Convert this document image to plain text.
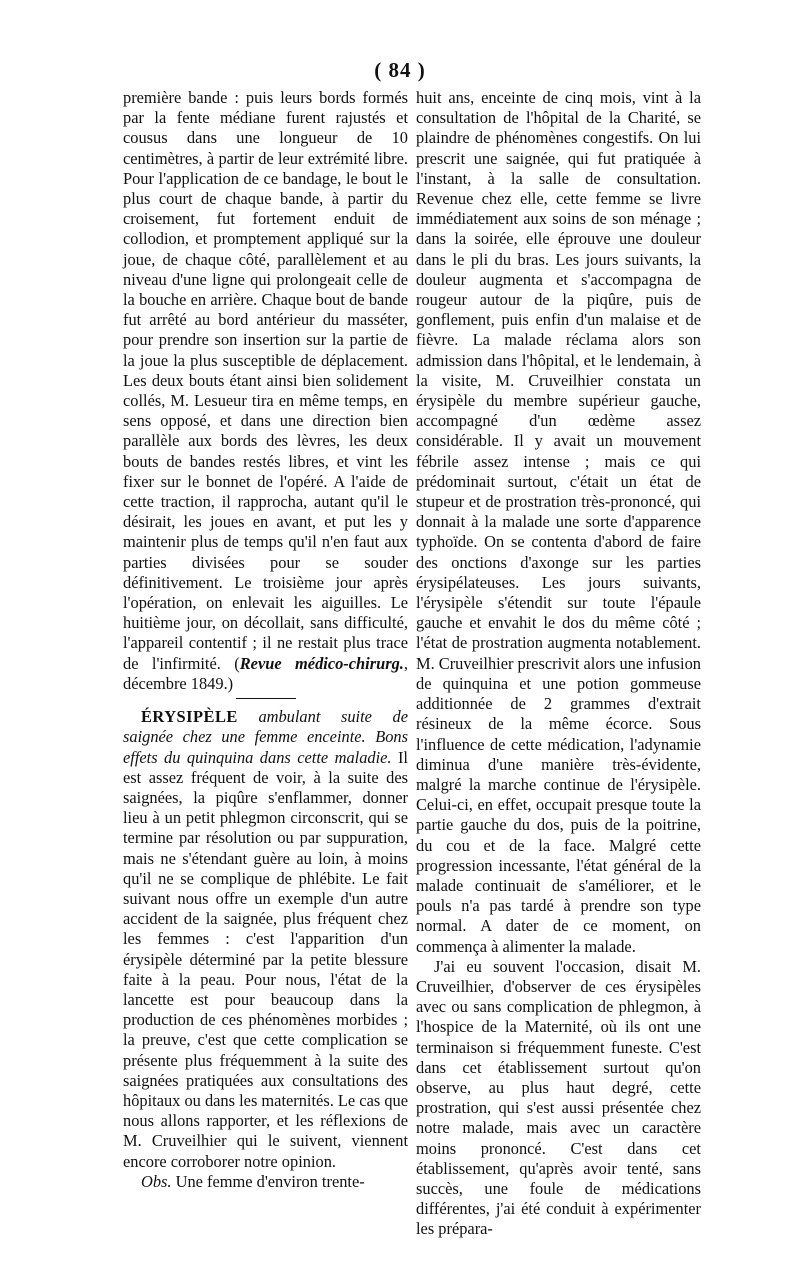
( 84 )

première bande : puis leurs bords formés par la fente médiane furent rajustés et cousus dans une longueur de 10 centimètres, à partir de leur extrémité libre. Pour l'application de ce bandage, le bout le plus court de chaque bande, à partir du croisement, fut fortement enduit de collodion, et promptement appliqué sur la joue, de chaque côté, parallèlement et au niveau d'une ligne qui prolongeait celle de la bouche en arrière. Chaque bout de bande fut arrêté au bord antérieur du masséter, pour prendre son insertion sur la partie de la joue la plus susceptible de déplacement. Les deux bouts étant ainsi bien solidement collés, M. Lesueur tira en même temps, en sens opposé, et dans une direction bien parallèle aux bords des lèvres, les deux bouts de bandes restés libres, et vint les fixer sur le bonnet de l'opéré. A l'aide de cette traction, il rapprocha, autant qu'il le désirait, les joues en avant, et put les y maintenir plus de temps qu'il n'en faut aux parties divisées pour se souder définitivement. Le troisième jour après l'opération, on enlevait les aiguilles. Le huitième jour, on décollait, sans difficulté, l'appareil contentif ; il ne restait plus trace de l'infirmité. (Revue médico-chirurg., décembre 1849.)

ÉRYSIPÈLE ambulant suite de saignée chez une femme enceinte. Bons effets du quinquina dans cette maladie. Il est assez fréquent de voir, à la suite des saignées, la piqûre s'enflammer, donner lieu à un petit phlegmon circonscrit, qui se termine par résolution ou par suppuration, mais ne s'étendant guère au loin, à moins qu'il ne se complique de phlébite. Le fait suivant nous offre un exemple d'un autre accident de la saignée, plus fréquent chez les femmes : c'est l'apparition d'un érysipèle déterminé par la petite blessure faite à la peau. Pour nous, l'état de la lancette est pour beaucoup dans la production de ces phénomènes morbides ; la preuve, c'est que cette complication se présente plus fréquemment à la suite des saignées pratiquées aux consultations des hôpitaux ou dans les maternités. Le cas que nous allons rapporter, et les réflexions de M. Cruveilhier qui le suivent, viennent encore corroborer notre opinion.

Obs. Une femme d'environ trente-

huit ans, enceinte de cinq mois, vint à la consultation de l'hôpital de la Charité, se plaindre de phénomènes congestifs. On lui prescrit une saignée, qui fut pratiquée à l'instant, à la salle de consultation. Revenue chez elle, cette femme se livre immédiatement aux soins de son ménage ; dans la soirée, elle éprouve une douleur dans le pli du bras. Les jours suivants, la douleur augmenta et s'accompagna de rougeur autour de la piqûre, puis de gonflement, puis enfin d'un malaise et de fièvre. La malade réclama alors son admission dans l'hôpital, et le lendemain, à la visite, M. Cruveilhier constata un érysipèle du membre supérieur gauche, accompagné d'un œdème assez considérable. Il y avait un mouvement fébrile assez intense ; mais ce qui prédominait surtout, c'était un état de stupeur et de prostration très-prononcé, qui donnait à la malade une sorte d'apparence typhoïde. On se contenta d'abord de faire des onctions d'axonge sur les parties érysipélateuses. Les jours suivants, l'érysipèle s'étendit sur toute l'épaule gauche et envahit le dos du même côté ; l'état de prostration augmenta notablement. M. Cruveilhier prescrivit alors une infusion de quinquina et une potion gommeuse additionnée de 2 grammes d'extrait résineux de la même écorce. Sous l'influence de cette médication, l'adynamie diminua d'une manière très-évidente, malgré la marche continue de l'érysipèle. Celui-ci, en effet, occupait presque toute la partie gauche du dos, puis de la poitrine, du cou et de la face. Malgré cette progression incessante, l'état général de la malade continuait de s'améliorer, et le pouls n'a pas tardé à prendre son type normal. A dater de ce moment, on commença à alimenter la malade.

J'ai eu souvent l'occasion, disait M. Cruveilhier, d'observer de ces érysipèles avec ou sans complication de phlegmon, à l'hospice de la Maternité, où ils ont une terminaison si fréquemment funeste. C'est dans cet établissement surtout qu'on observe, au plus haut degré, cette prostration, qui s'est aussi présentée chez notre malade, mais avec un caractère moins prononcé. C'est dans cet établissement, qu'après avoir tenté, sans succès, une foule de médications différentes, j'ai été conduit à expérimenter les prépara-
